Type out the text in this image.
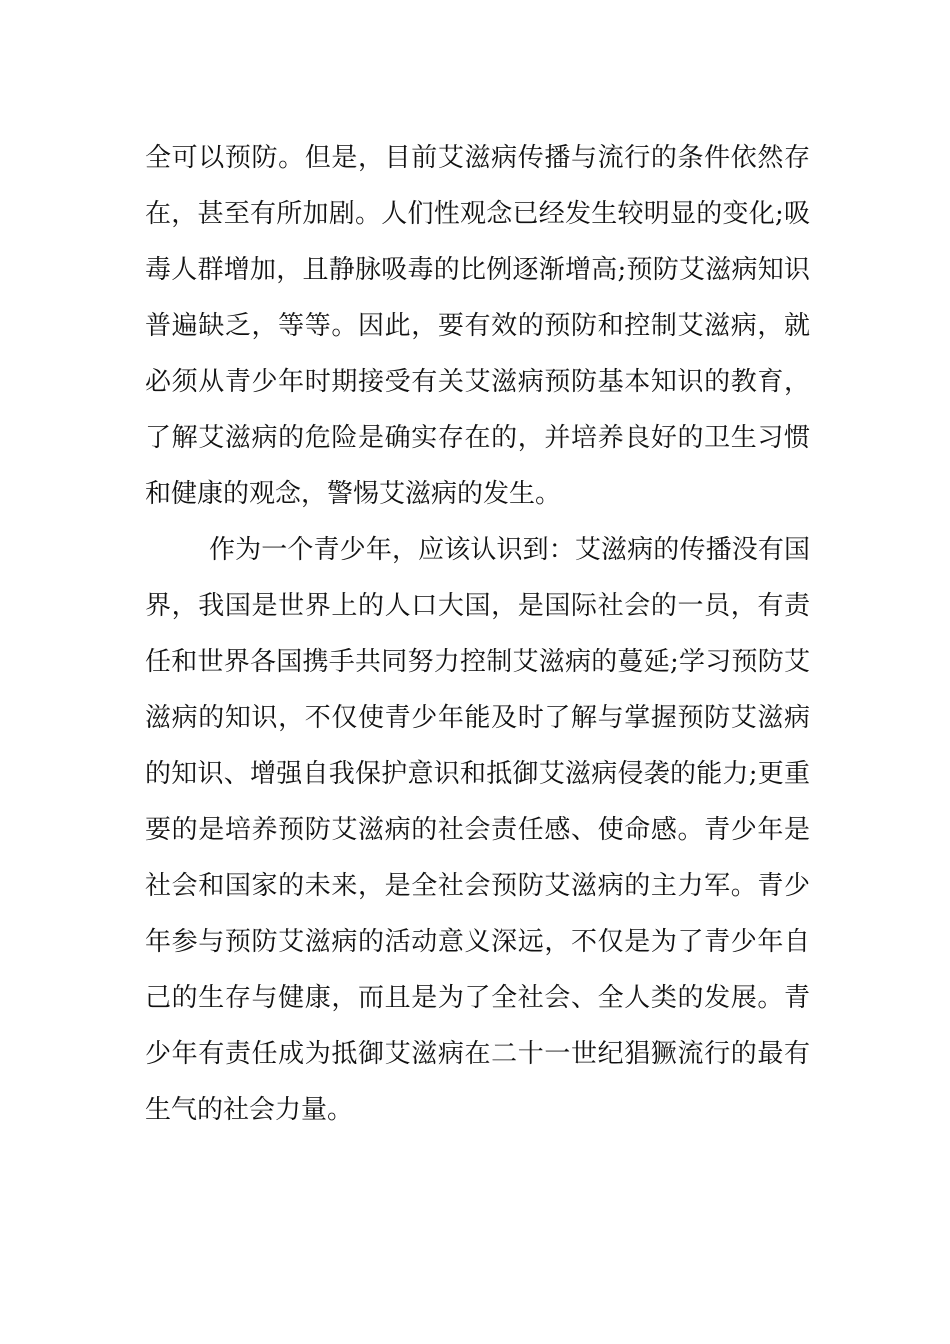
全可以预防。但是，目前艾滋病传播与流行的条件依然存
在，甚至有所加剧。人们性观念已经发生较明显的变化;吸
毒人群增加，且静脉吸毒的比例逐渐增高;预防艾滋病知识
普遍缺乏，等等。因此，要有效的预防和控制艾滋病，就
必须从青少年时期接受有关艾滋病预防基本知识的教育，
了解艾滋病的危险是确实存在的，并培养良好的卫生习惯
和健康的观念，警惕艾滋病的发生。
作为一个青少年，应该认识到：艾滋病的传播没有国
界，我国是世界上的人口大国，是国际社会的一员，有责
任和世界各国携手共同努力控制艾滋病的蔓延;学习预防艾
滋病的知识，不仅使青少年能及时了解与掌握预防艾滋病
的知识、增强自我保护意识和抵御艾滋病侵袭的能力;更重
要的是培养预防艾滋病的社会责任感、使命感。青少年是
社会和国家的未来，是全社会预防艾滋病的主力军。青少
年参与预防艾滋病的活动意义深远，不仅是为了青少年自
己的生存与健康，而且是为了全社会、全人类的发展。青
少年有责任成为抵御艾滋病在二十一世纪猖獗流行的最有
生气的社会力量。
